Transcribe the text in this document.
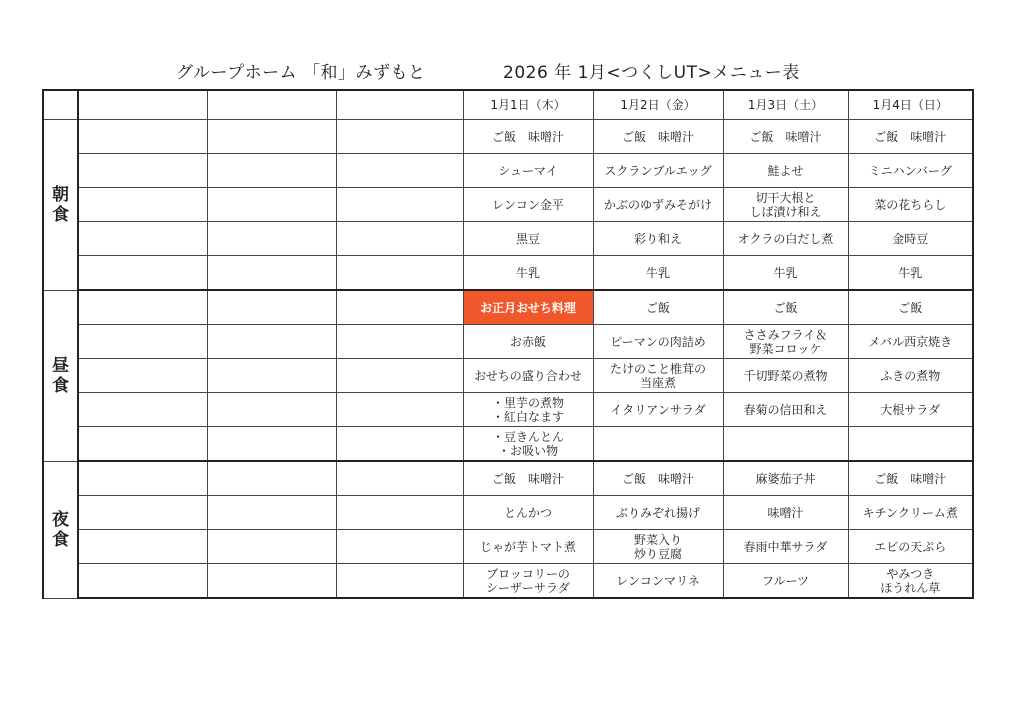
グループホーム 「和」みずもと	2026 年 1月<つくしUT>メニュー表
				1月1日（木）	1月2日（金）	1月3日（土）	1月4日（日）

朝
食				ご飯　味噌汁	ご飯　味噌汁	ご飯　味噌汁	ご飯　味噌汁

				シューマイ	スクランブルエッグ	鮭よせ	ミニハンバーグ

				レンコン金平	かぶのゆずみそがけ	切干大根と
しば漬け和え	菜の花ちらし

				黒豆	彩り和え	オクラの白だし煮	金時豆

				牛乳	牛乳	牛乳	牛乳

昼
食				お正月おせち料理	ご飯	ご飯	ご飯

				お赤飯	ピーマンの肉詰め	ささみフライ＆
野菜コロッケ	メバル西京焼き

				おせちの盛り合わせ	たけのこと椎茸の
当座煮	千切野菜の煮物	ふきの煮物

				・里芋の煮物
・紅白なます	イタリアンサラダ	春菊の信田和え	大根サラダ

				・豆きんとん
・お吸い物			

夜
食				ご飯　味噌汁	ご飯　味噌汁	麻婆茄子丼	ご飯　味噌汁

				とんかつ	ぶりみぞれ揚げ	味噌汁	キチンクリーム煮

				じゃが芋トマト煮	野菜入り
炒り豆腐	春雨中華サラダ	エビの天ぷら

				ブロッコリーの
シーザーサラダ	レンコンマリネ	フルーツ	やみつき
ほうれん草
